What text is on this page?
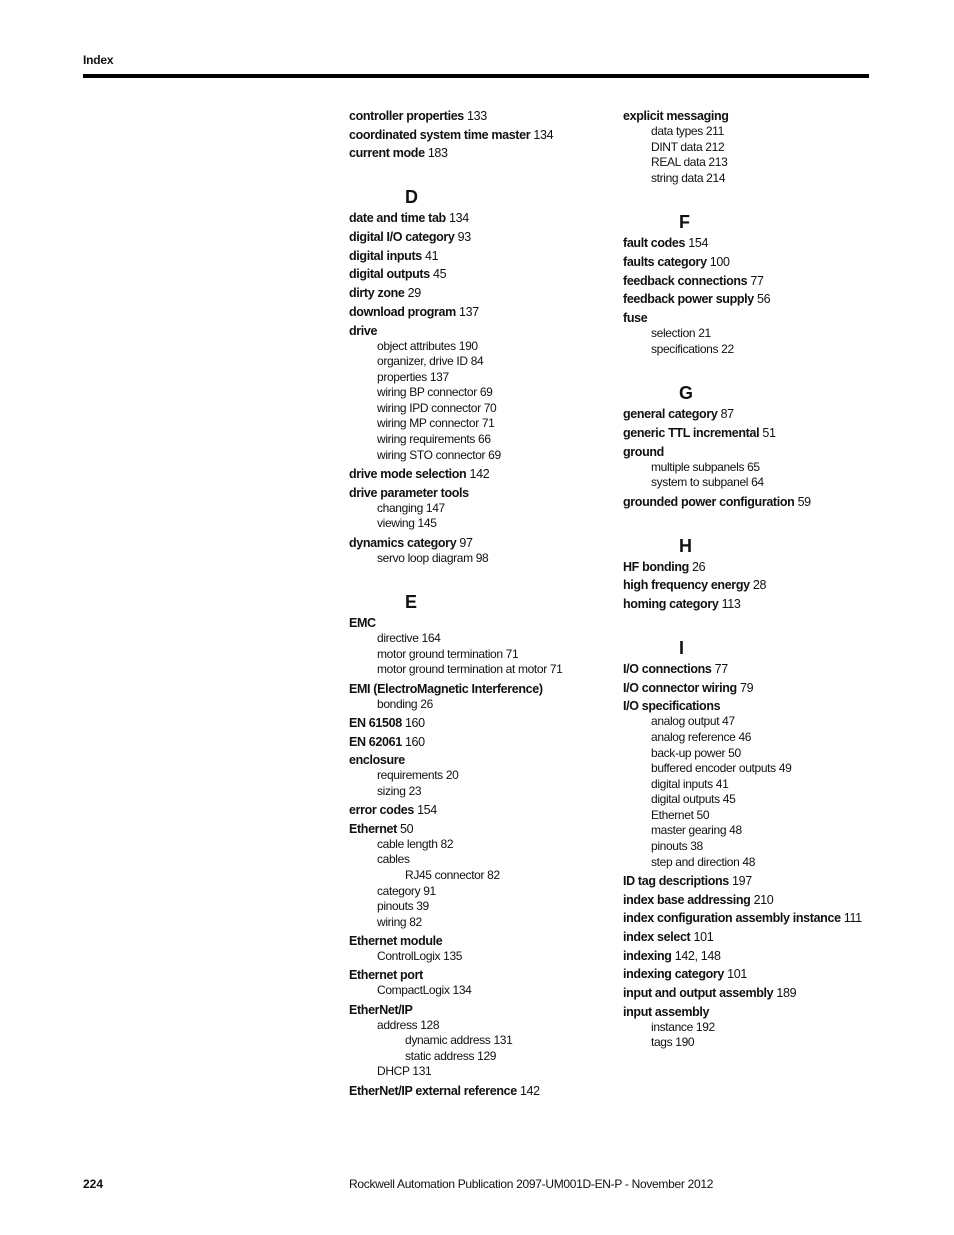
Index
controller properties 133
coordinated system time master 134
current mode 183
D
date and time tab 134
digital I/O category 93
digital inputs 41
digital outputs 45
dirty zone 29
download program 137
drive
object attributes 190
organizer, drive ID 84
properties 137
wiring BP connector 69
wiring IPD connector 70
wiring MP connector 71
wiring requirements 66
wiring STO connector 69
drive mode selection 142
drive parameter tools
changing 147
viewing 145
dynamics category 97
servo loop diagram 98
E
EMC
directive 164
motor ground termination 71
motor ground termination at motor 71
EMI (ElectroMagnetic Interference)
bonding 26
EN 61508 160
EN 62061 160
enclosure
requirements 20
sizing 23
error codes 154
Ethernet 50
cable length 82
cables
RJ45 connector 82
category 91
pinouts 39
wiring 82
Ethernet module
ControlLogix 135
Ethernet port
CompactLogix 134
EtherNet/IP
address 128
dynamic address 131
static address 129
DHCP 131
EtherNet/IP external reference 142
explicit messaging
data types 211
DINT data 212
REAL data 213
string data 214
F
fault codes 154
faults category 100
feedback connections 77
feedback power supply 56
fuse
selection 21
specifications 22
G
general category 87
generic TTL incremental 51
ground
multiple subpanels 65
system to subpanel 64
grounded power configuration 59
H
HF bonding 26
high frequency energy 28
homing category 113
I
I/O connections 77
I/O connector wiring 79
I/O specifications
analog output 47
analog reference 46
back-up power 50
buffered encoder outputs 49
digital inputs 41
digital outputs 45
Ethernet 50
master gearing 48
pinouts 38
step and direction 48
ID tag descriptions 197
index base addressing 210
index configuration assembly instance 111
index select 101
indexing 142, 148
indexing category 101
input and output assembly 189
input assembly
instance 192
tags 190
224	Rockwell Automation Publication 2097-UM001D-EN-P - November 2012
